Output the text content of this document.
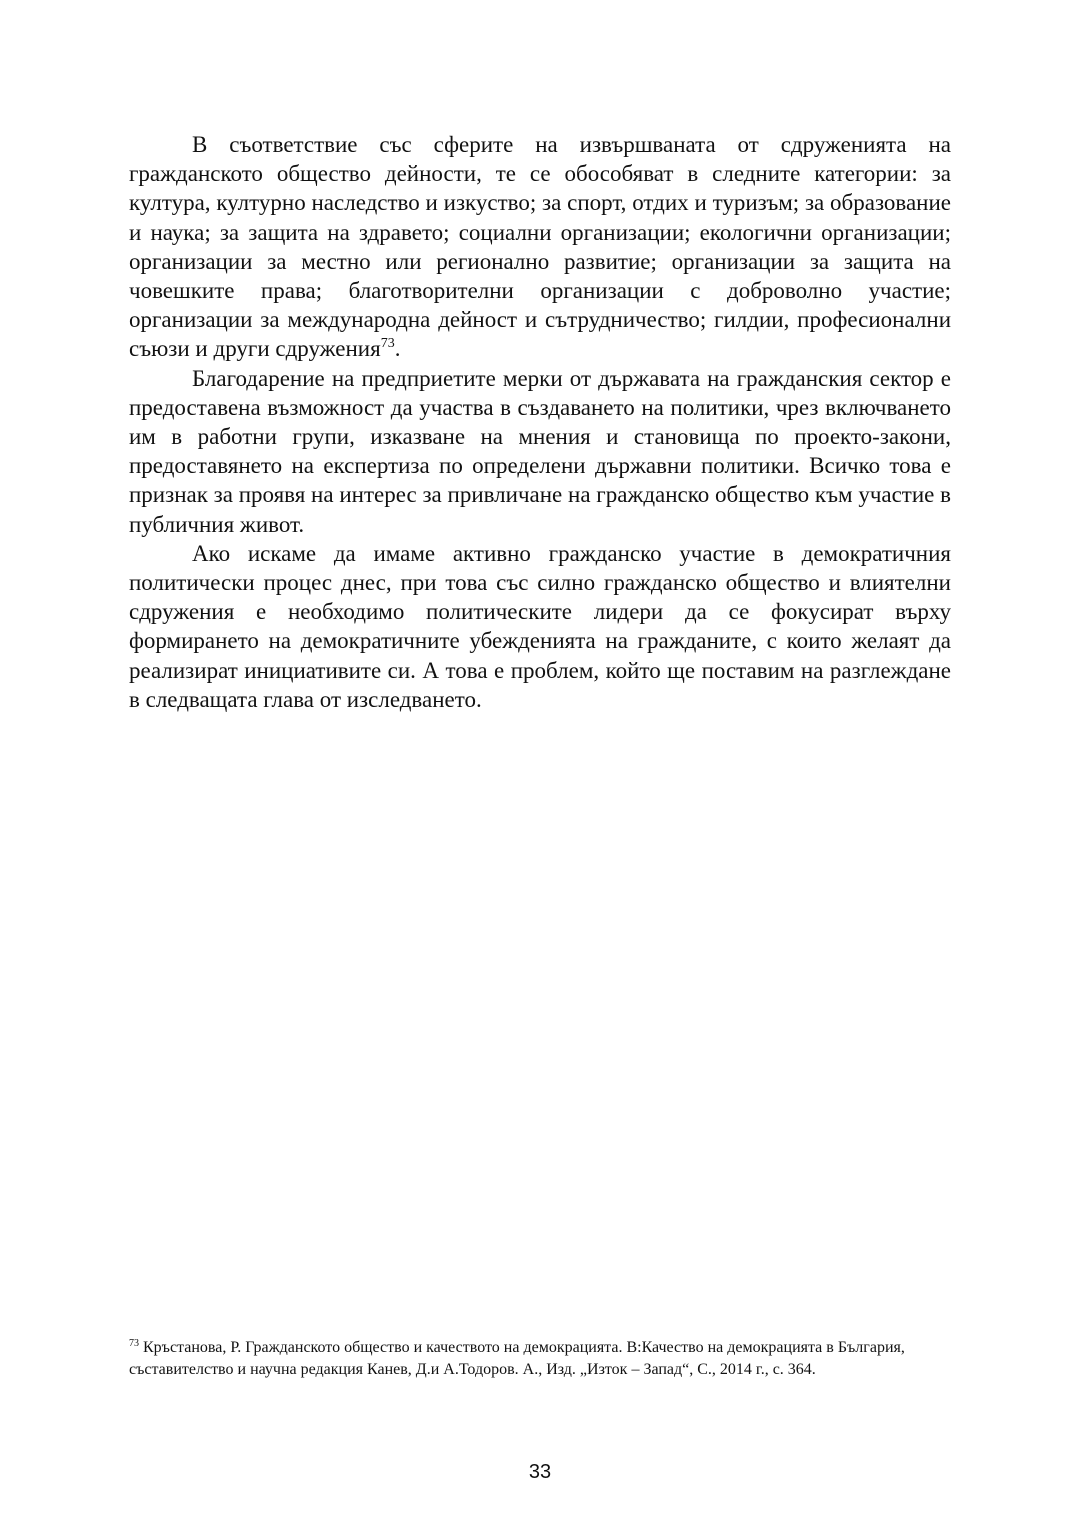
В съответствие със сферите на извършваната от сдруженията на гражданското общество дейности, те се обособяват в следните категории: за култура, културно наследство и изкуство; за спорт, отдих и туризъм; за образование и наука; за защита на здравето; социални организации; екологични организации; организации за местно или регионално развитие; организации за защита на човешките права; благотворителни организации с доброволно участие; организации за международна дейност и сътрудничество; гилдии, професионални съюзи и други сдружения$^{73}$.

Благодарение на предприетите мерки от държавата на гражданския сектор е предоставена възможност да участва в създаването на политики, чрез включването им в работни групи, изказване на мнения и становища по проекто-закони, предоставянето на експертиза по определени държавни политики. Всичко това е признак за проявя на интерес за привличане на гражданско общество към участие в публичния живот.

Ако искаме да имаме активно гражданско участие в демократичния политически процес днес, при това със силно гражданско общество и влиятелни сдружения е необходимо политическите лидери да се фокусират върху формирането на демократичните убежденията на гражданите, с които желаят да реализират инициативите си. А това е проблем, който ще поставим на разглеждане в следващата глава от изследването.

$^{73}$ Кръстанова, Р. Гражданското общество и качеството на демокрацията. В:Качество на демокрацията в България, съставителство и научна редакция Канев, Д.и А.Тодоров. А., Изд. „Изток – Запад“, С., 2014 г., с. 364.

33
